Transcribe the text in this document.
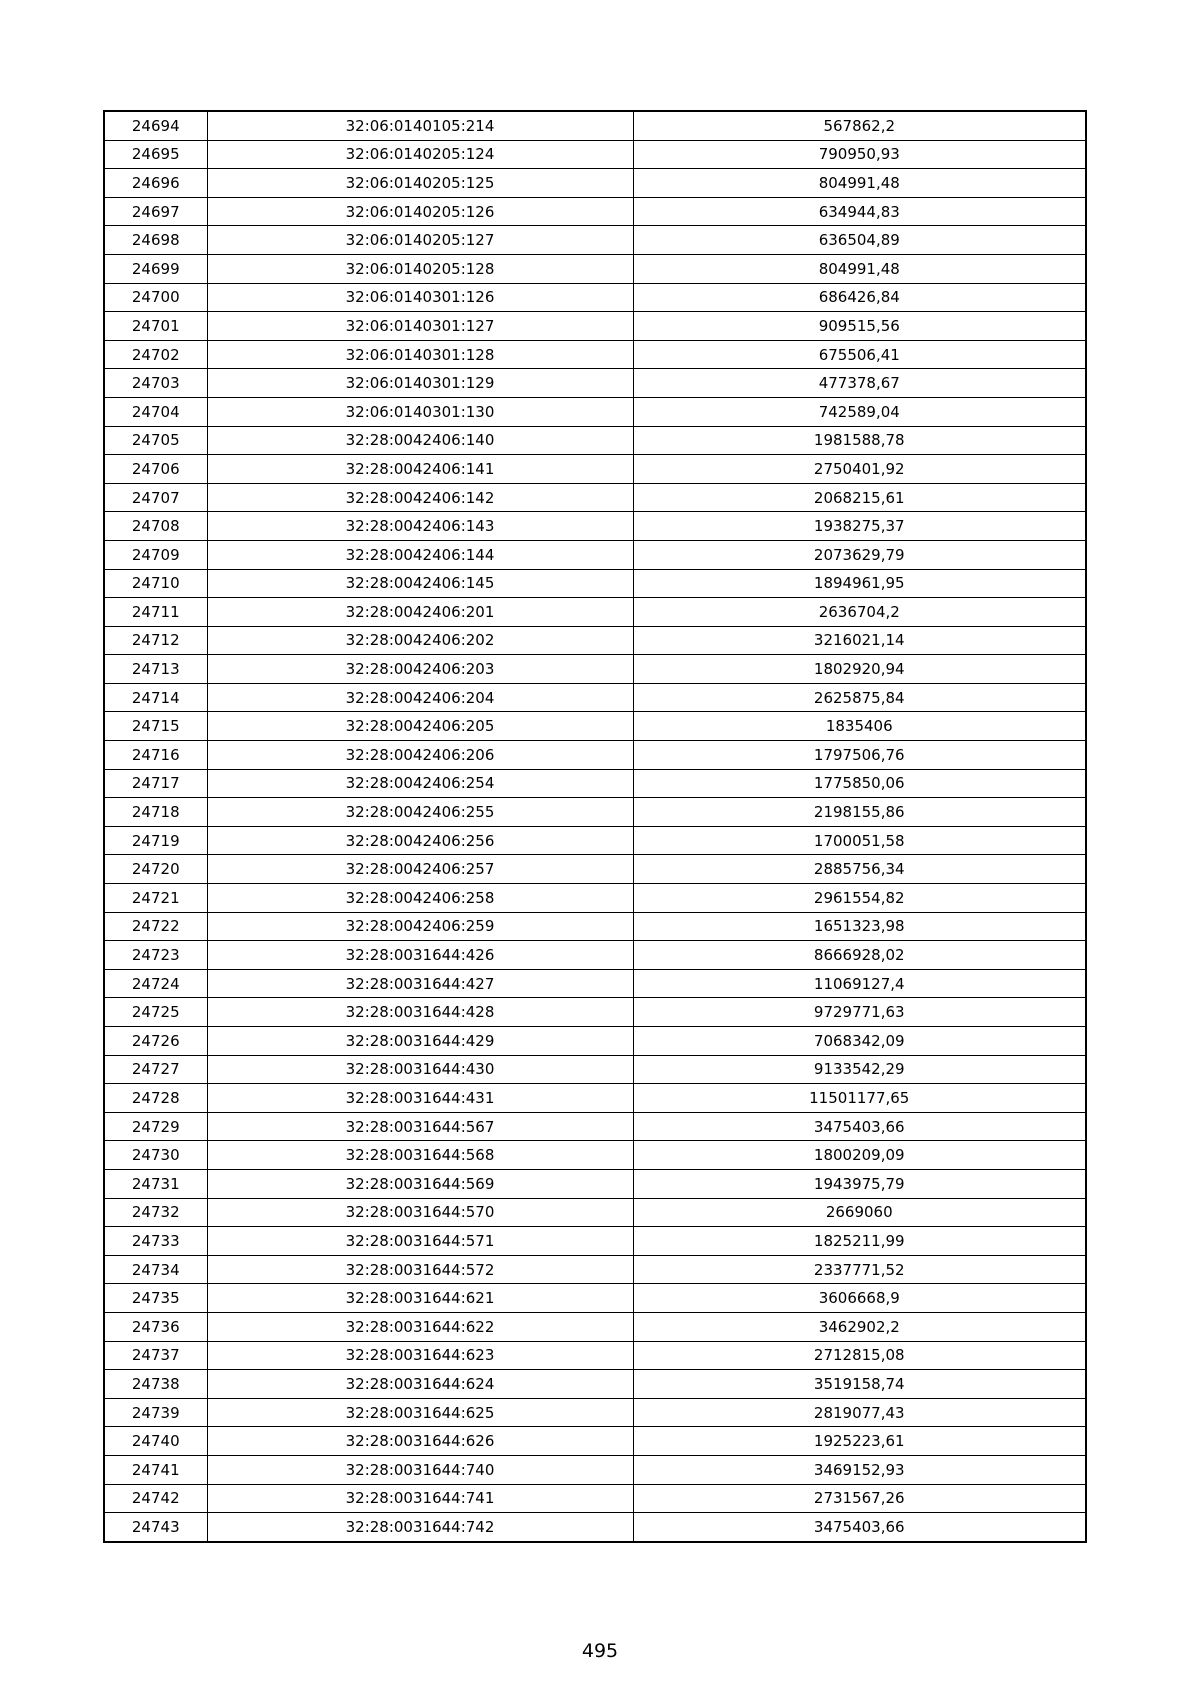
24694	32:06:0140105:214	567862,2
24695	32:06:0140205:124	790950,93
24696	32:06:0140205:125	804991,48
24697	32:06:0140205:126	634944,83
24698	32:06:0140205:127	636504,89
24699	32:06:0140205:128	804991,48
24700	32:06:0140301:126	686426,84
24701	32:06:0140301:127	909515,56
24702	32:06:0140301:128	675506,41
24703	32:06:0140301:129	477378,67
24704	32:06:0140301:130	742589,04
24705	32:28:0042406:140	1981588,78
24706	32:28:0042406:141	2750401,92
24707	32:28:0042406:142	2068215,61
24708	32:28:0042406:143	1938275,37
24709	32:28:0042406:144	2073629,79
24710	32:28:0042406:145	1894961,95
24711	32:28:0042406:201	2636704,2
24712	32:28:0042406:202	3216021,14
24713	32:28:0042406:203	1802920,94
24714	32:28:0042406:204	2625875,84
24715	32:28:0042406:205	1835406
24716	32:28:0042406:206	1797506,76
24717	32:28:0042406:254	1775850,06
24718	32:28:0042406:255	2198155,86
24719	32:28:0042406:256	1700051,58
24720	32:28:0042406:257	2885756,34
24721	32:28:0042406:258	2961554,82
24722	32:28:0042406:259	1651323,98
24723	32:28:0031644:426	8666928,02
24724	32:28:0031644:427	11069127,4
24725	32:28:0031644:428	9729771,63
24726	32:28:0031644:429	7068342,09
24727	32:28:0031644:430	9133542,29
24728	32:28:0031644:431	11501177,65
24729	32:28:0031644:567	3475403,66
24730	32:28:0031644:568	1800209,09
24731	32:28:0031644:569	1943975,79
24732	32:28:0031644:570	2669060
24733	32:28:0031644:571	1825211,99
24734	32:28:0031644:572	2337771,52
24735	32:28:0031644:621	3606668,9
24736	32:28:0031644:622	3462902,2
24737	32:28:0031644:623	2712815,08
24738	32:28:0031644:624	3519158,74
24739	32:28:0031644:625	2819077,43
24740	32:28:0031644:626	1925223,61
24741	32:28:0031644:740	3469152,93
24742	32:28:0031644:741	2731567,26
24743	32:28:0031644:742	3475403,66
495
